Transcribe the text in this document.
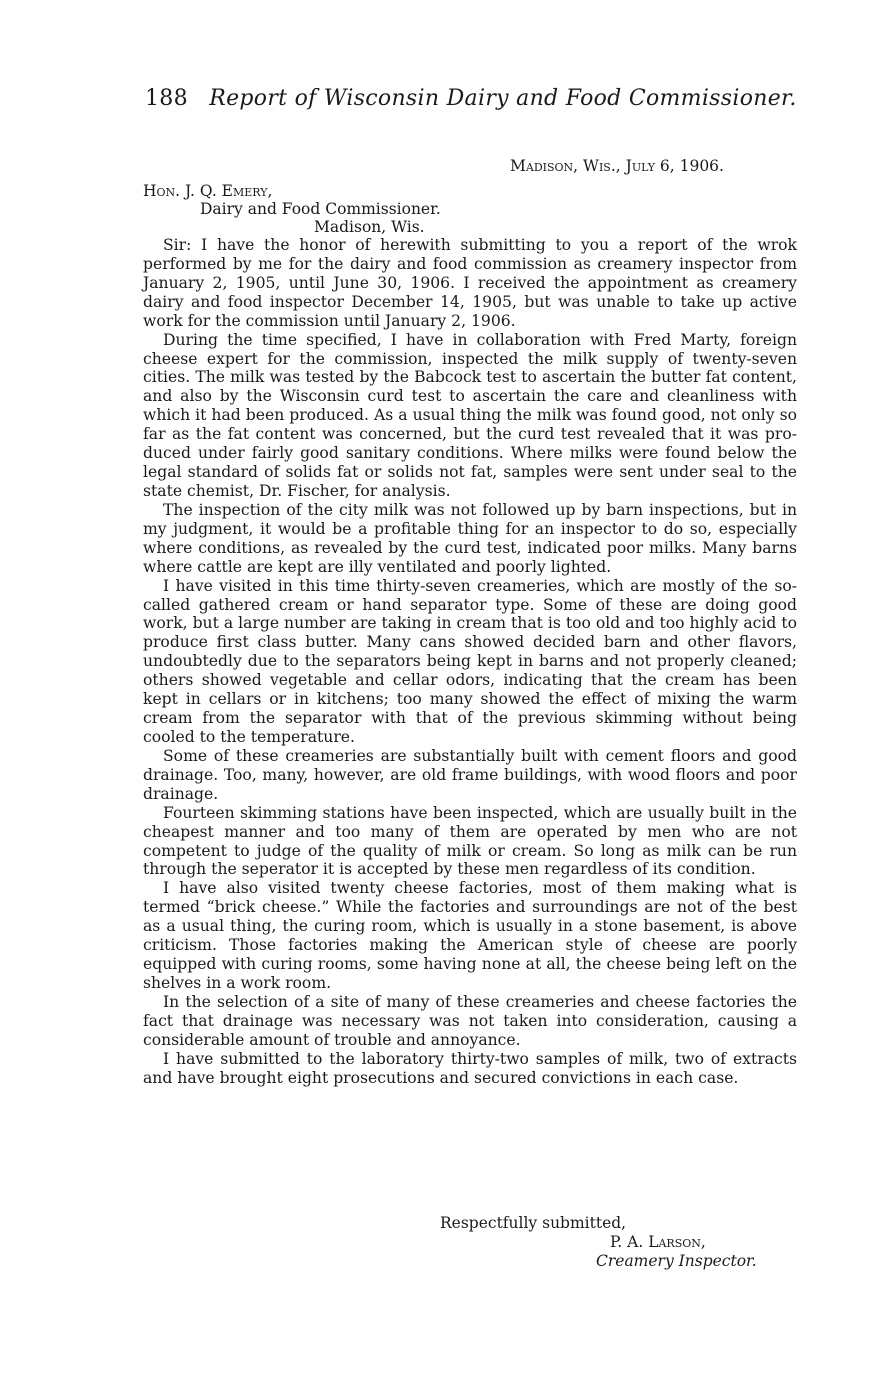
188 Report of Wisconsin Dairy and Food Commissioner.
Madison, Wis., July 6, 1906.
Hon. J. Q. Emery,
Dairy and Food Commissioner.
Madison, Wis.

Sir: I have the honor of herewith submitting to you a report of the wrok performed by me for the dairy and food commission as creamery inspector from January 2, 1905, until June 30, 1906. I received the appointment as creamery dairy and food inspector December 14, 1905, but was unable to take up active work for the commission until January 2, 1906.

During the time specified, I have in collaboration with Fred Marty, foreign cheese expert for the commission, inspected the milk supply of twenty-seven cities. The milk was tested by the Babcock test to ascertain the butter fat content, and also by the Wisconsin curd test to ascertain the care and cleanliness with which it had been produced. As a usual thing the milk was found good, not only so far as the fat content was concerned, but the curd test revealed that it was produced under fairly good sanitary conditions. Where milks were found below the legal standard of solids fat or solids not fat, samples were sent under seal to the state chemist, Dr. Fischer, for analysis.

The inspection of the city milk was not followed up by barn inspections, but in my judgment, it would be a profitable thing for an inspector to do so, especially where conditions, as revealed by the curd test, indicated poor milks. Many barns where cattle are kept are illy ventilated and poorly lighted.

I have visited in this time thirty-seven creameries, which are mostly of the so-called gathered cream or hand separator type. Some of these are doing good work, but a large number are taking in cream that is too old and too highly acid to produce first class butter. Many cans showed decided barn and other flavors, undoubtedly due to the separators being kept in barns and not properly cleaned; others showed vegetable and cellar odors, indicating that the cream has been kept in cellars or in kitchens; too many showed the effect of mixing the warm cream from the separator with that of the previous skimming without being cooled to the temperature.

Some of these creameries are substantially built with cement floors and good drainage. Too, many, however, are old frame buildings, with wood floors and poor drainage.

Fourteen skimming stations have been inspected, which are usually built in the cheapest manner and too many of them are operated by men who are not competent to judge of the quality of milk or cream. So long as milk can be run through the seperator it is accepted by these men regardless of its condition.

I have also visited twenty cheese factories, most of them making what is termed “brick cheese.” While the factories and surroundings are not of the best as a usual thing, the curing room, which is usually in a stone basement, is above criticism. Those factories making the American style of cheese are poorly equipped with curing rooms, some having none at all, the cheese being left on the shelves in a work room.

In the selection of a site of many of these creameries and cheese factories the fact that drainage was necessary was not taken into consideration, causing a considerable amount of trouble and annoyance.

I have submitted to the laboratory thirty-two samples of milk, two of extracts and have brought eight prosecutions and secured convictions in each case.

Respectfully submitted,
P. A. Larson,
Creamery Inspector.
